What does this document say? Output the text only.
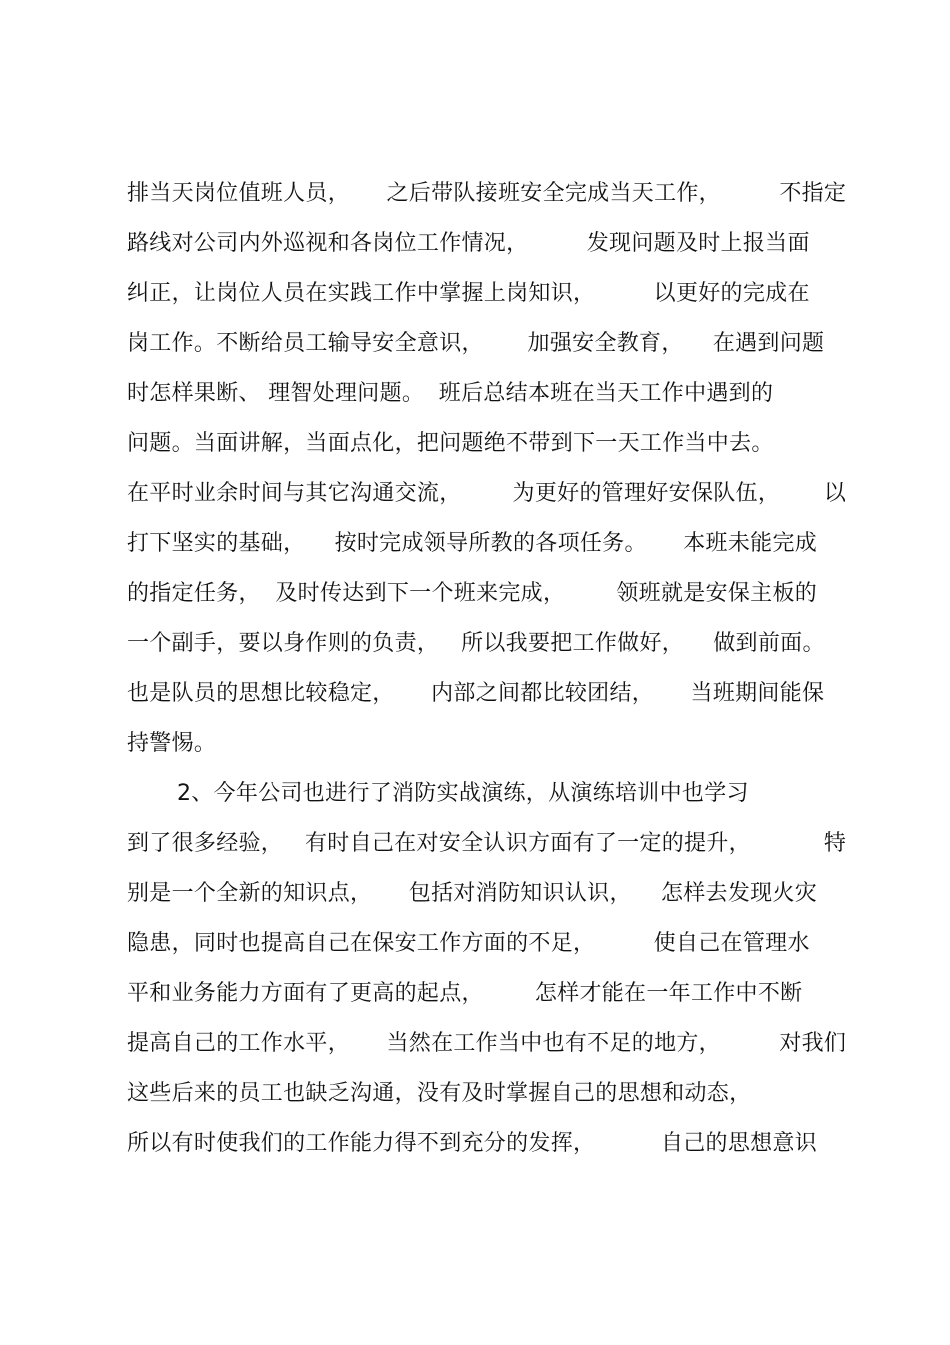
排当天岗位值班人员，     之后带队接班安全完成当天工作，        不指定
路线对公司内外巡视和各岗位工作情况，        发现问题及时上报当面
纠正，让岗位人员在实践工作中掌握上岗知识，        以更好的完成在
岗工作。不断给员工输导安全意识，      加强安全教育，    在遇到问题
时怎样果断、 理智处理问题。  班后总结本班在当天工作中遇到的
问题。当面讲解，当面点化，把问题绝不带到下一天工作当中去。
在平时业余时间与其它沟通交流，       为更好的管理好安保队伍，      以
打下坚实的基础，    按时完成领导所教的各项任务。     本班未能完成
的指定任务，  及时传达到下一个班来完成，       领班就是安保主板的
一个副手，要以身作则的负责，   所以我要把工作做好，    做到前面。
也是队员的思想比较稳定，     内部之间都比较团结，     当班期间能保
持警惕。
2、今年公司也进行了消防实战演练，从演练培训中也学习
到了很多经验，   有时自己在对安全认识方面有了一定的提升，          特
别是一个全新的知识点，     包括对消防知识认识，    怎样去发现火灾
隐患，同时也提高自己在保安工作方面的不足，        使自己在管理水
平和业务能力方面有了更高的起点，       怎样才能在一年工作中不断
提高自己的工作水平，     当然在工作当中也有不足的地方，        对我们
这些后来的员工也缺乏沟通，没有及时掌握自己的思想和动态，
所以有时使我们的工作能力得不到充分的发挥，         自己的思想意识
